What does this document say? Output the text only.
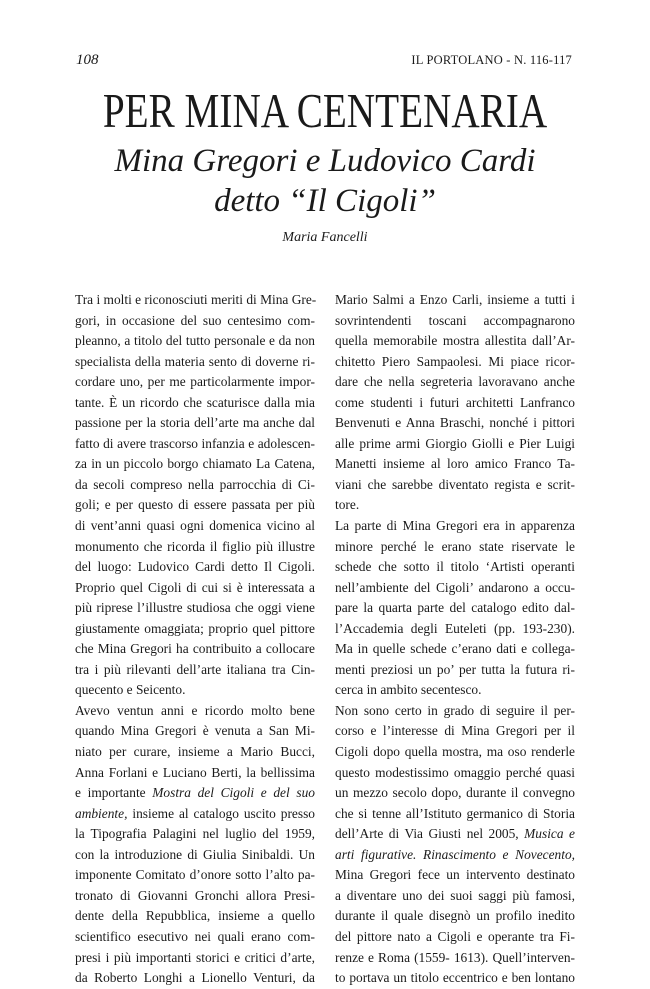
108	IL PORTOLANO - N. 116-117
PER MINA CENTENARIA
Mina Gregori e Ludovico Cardi
detto “Il Cigoli”
Maria Fancelli
Tra i molti e riconosciuti meriti di Mina Gre-
gori, in occasione del suo centesimo com-
pleanno, a titolo del tutto personale e da non
specialista della materia sento di doverne ri-
cordare uno, per me particolarmente impor-
tante. È un ricordo che scaturisce dalla mia
passione per la storia dell’arte ma anche dal
fatto di avere trascorso infanzia e adolescen-
za in un piccolo borgo chiamato La Catena,
da secoli compreso nella parrocchia di Ci-
goli; e per questo di essere passata per più
di vent’anni quasi ogni domenica vicino al
monumento che ricorda il figlio più illustre
del luogo: Ludovico Cardi detto Il Cigoli.
Proprio quel Cigoli di cui si è interessata a
più riprese l’illustre studiosa che oggi viene
giustamente omaggiata; proprio quel pittore
che Mina Gregori ha contribuito a collocare
tra i più rilevanti dell’arte italiana tra Cin-
quecento e Seicento.
Avevo ventun anni e ricordo molto bene
quando Mina Gregori è venuta a San Mi-
niato per curare, insieme a Mario Bucci,
Anna Forlani e Luciano Berti, la bellissima
e importante Mostra del Cigoli e del suo
ambiente, insieme al catalogo uscito presso
la Tipografia Palagini nel luglio del 1959,
con la introduzione di Giulia Sinibaldi. Un
imponente Comitato d’onore sotto l’alto pa-
tronato di Giovanni Gronchi allora Presi-
dente della Repubblica, insieme a quello
scientifico esecutivo nei quali erano com-
presi i più importanti storici e critici d’arte,
da Roberto Longhi a Lionello Venturi, da
Mario Salmi a Enzo Carli, insieme a tutti i
sovrintendenti toscani accompagnarono
quella memorabile mostra allestita dall’Ar-
chitetto Piero Sampaolesi. Mi piace ricor-
dare che nella segreteria lavoravano anche
come studenti i futuri architetti Lanfranco
Benvenuti e Anna Braschi, nonché i pittori
alle prime armi Giorgio Giolli e Pier Luigi
Manetti insieme al loro amico Franco Ta-
viani che sarebbe diventato regista e scrit-
tore.
La parte di Mina Gregori era in apparenza
minore perché le erano state riservate le
schede che sotto il titolo ‘Artisti operanti
nell’ambiente del Cigoli’ andarono a occu-
pare la quarta parte del catalogo edito dal-
l’Accademia degli Euteleti (pp. 193-230).
Ma in quelle schede c’erano dati e collega-
menti preziosi un po’ per tutta la futura ri-
cerca in ambito secentesco.
Non sono certo in grado di seguire il per-
corso e l’interesse di Mina Gregori per il
Cigoli dopo quella mostra, ma oso renderle
questo modestissimo omaggio perché quasi
un mezzo secolo dopo, durante il convegno
che si tenne all’Istituto germanico di Storia
dell’Arte di Via Giusti nel 2005, Musica e
arti figurative. Rinascimento e Novecento,
Mina Gregori fece un intervento destinato
a diventare uno dei suoi saggi più famosi,
durante il quale disegnò un profilo inedito
del pittore nato a Cigoli e operante tra Fi-
renze e Roma (1559- 1613). Quell’interven-
to portava un titolo eccentrico e ben lontano
